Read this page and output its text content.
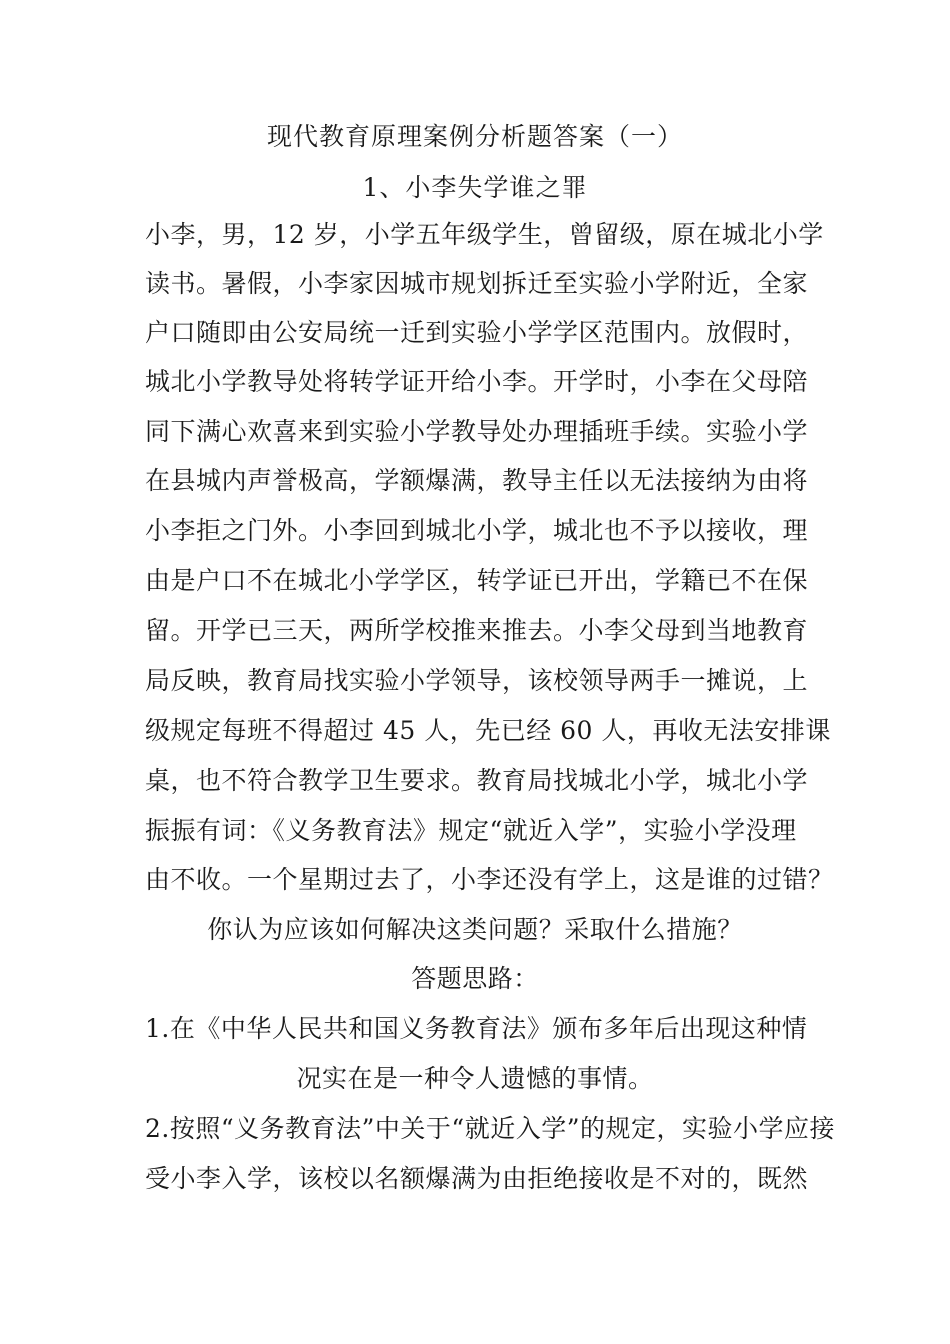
现代教育原理案例分析题答案（一）
1、小李失学谁之罪
小李，男，12 岁，小学五年级学生，曾留级，原在城北小学
读书。暑假，小李家因城市规划拆迁至实验小学附近，全家
户口随即由公安局统一迁到实验小学学区范围内。放假时，
城北小学教导处将转学证开给小李。开学时，小李在父母陪
同下满心欢喜来到实验小学教导处办理插班手续。实验小学
在县城内声誉极高，学额爆满，教导主任以无法接纳为由将
小李拒之门外。小李回到城北小学，城北也不予以接收，理
由是户口不在城北小学学区，转学证已开出，学籍已不在保
留。开学已三天，两所学校推来推去。小李父母到当地教育
局反映，教育局找实验小学领导，该校领导两手一摊说，上
级规定每班不得超过 45 人，先已经 60 人，再收无法安排课
桌，也不符合教学卫生要求。教育局找城北小学，城北小学
振振有词：《义务教育法》规定“就近入学”，实验小学没理
由不收。一个星期过去了，小李还没有学上，这是谁的过错？
你认为应该如何解决这类问题？采取什么措施？
答题思路：
1.在《中华人民共和国义务教育法》颁布多年后出现这种情
况实在是一种令人遗憾的事情。
2.按照“义务教育法”中关于“就近入学”的规定，实验小学应接
受小李入学，该校以名额爆满为由拒绝接收是不对的，既然
